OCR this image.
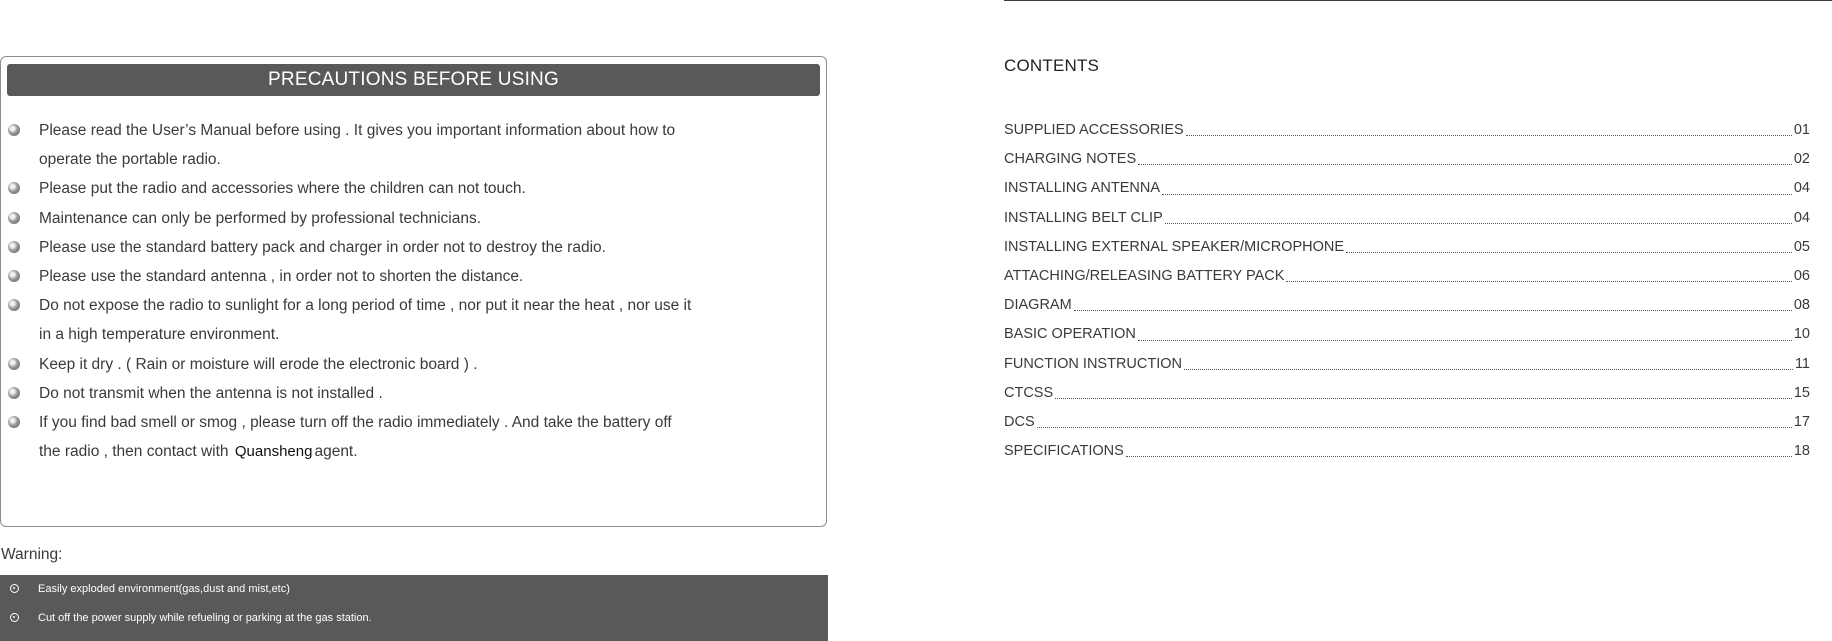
PRECAUTIONS BEFORE USING
Please read the User’s Manual before using . It gives you important information about how to
operate the portable radio.
Please put the radio and accessories where the children can not touch.
Maintenance can only be performed by professional technicians.
Please use the standard battery pack and charger in order not to destroy the radio.
Please use the standard antenna , in order not to shorten the distance.
Do not expose the radio to sunlight for a long period of time , nor put it near the heat , nor use it
in a high temperature environment.
Keep it dry . ( Rain or moisture will erode the electronic board ) .
Do not transmit when the antenna is not installed .
If you find bad smell or smog , please turn off the radio immediately . And take the battery off
the radio , then contact with Quansheng agent.
Warning:
Easily exploded environment(gas,dust and mist,etc)
Cut off the power supply while refueling or parking at the gas station.
CONTENTS
SUPPLIED ACCESSORIES	01
CHARGING NOTES	02
INSTALLING ANTENNA	04
INSTALLING BELT CLIP	04
INSTALLING EXTERNAL SPEAKER/MICROPHONE	05
ATTACHING/RELEASING BATTERY PACK	06
DIAGRAM	08
BASIC OPERATION	10
FUNCTION INSTRUCTION	11
CTCSS	15
DCS	17
SPECIFICATIONS	18
